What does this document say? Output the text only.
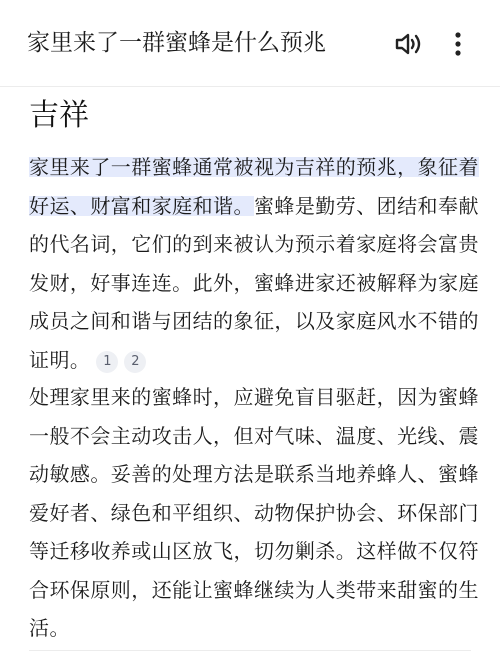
家里来了一群蜜蜂是什么预兆
吉祥

家里来了一群蜜蜂通常被视为吉祥的预兆，象征着好运、财富和家庭和谐。蜜蜂是勤劳、团结和奉献的代名词，它们的到来被认为预示着家庭将会富贵发财，好事连连。此外，蜜蜂进家还被解释为家庭成员之间和谐与团结的象征，以及家庭风水不错的证明。 1 2

处理家里来的蜜蜂时，应避免盲目驱赶，因为蜜蜂一般不会主动攻击人，但对气味、温度、光线、震动敏感。妥善的处理方法是联系当地养蜂人、蜜蜂爱好者、绿色和平组织、动物保护协会、环保部门等迁移收养或山区放飞，切勿剿杀。这样做不仅符合环保原则，还能让蜜蜂继续为人类带来甜蜜的生活。
